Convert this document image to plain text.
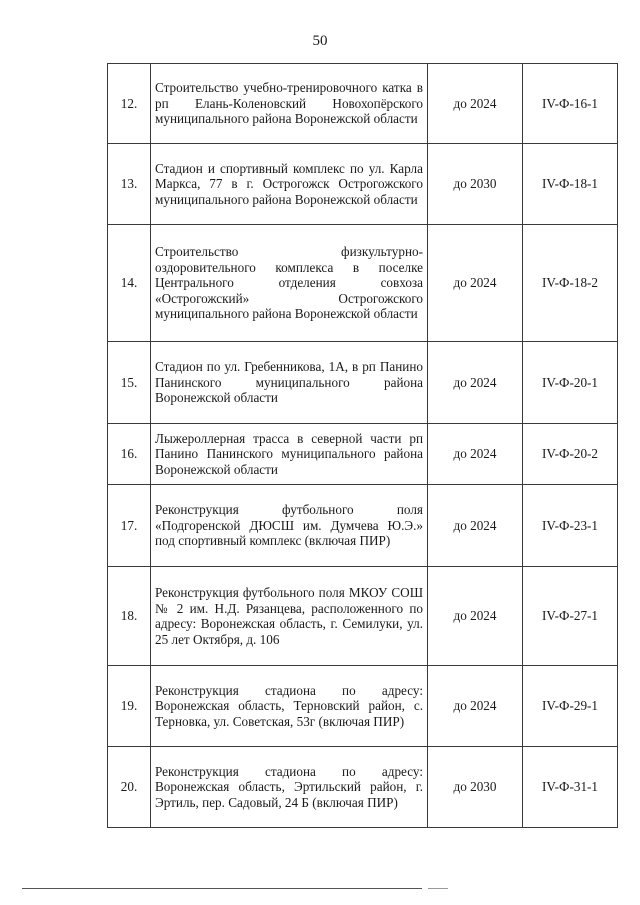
50
12.	Строительство учебно-тренировочного катка в рп Елань-Коленовский Новохопёрского муниципального района Воронежской области	до 2024	IV-Ф-16-1
13.	Стадион и спортивный комплекс по ул. Карла Маркса, 77 в г. Острогожск Острогожского муниципального района Воронежской области	до 2030	IV-Ф-18-1
14.	Строительство физкультурно-оздоровительного комплекса в поселке Центрального отделения совхоза «Острогожский» Острогожского муниципального района Воронежской области	до 2024	IV-Ф-18-2
15.	Стадион по ул. Гребенникова, 1А, в рп Панино Панинского муниципального района Воронежской области	до 2024	IV-Ф-20-1
16.	Лыжероллерная трасса в северной части рп Панино Панинского муниципального района Воронежской области	до 2024	IV-Ф-20-2
17.	Реконструкция футбольного поля «Подгоренской ДЮСШ им. Думчева Ю.Э.» под спортивный комплекс (включая ПИР)	до 2024	IV-Ф-23-1
18.	Реконструкция футбольного поля МКОУ СОШ № 2 им. Н.Д. Рязанцева, расположенного по адресу: Воронежская область, г. Семилуки, ул. 25 лет Октября, д. 106	до 2024	IV-Ф-27-1
19.	Реконструкция стадиона по адресу: Воронежская область, Терновский район, с. Терновка, ул. Советская, 53г (включая ПИР)	до 2024	IV-Ф-29-1
20.	Реконструкция стадиона по адресу: Воронежская область, Эртильский район, г. Эртиль, пер. Садовый, 24 Б (включая ПИР)	до 2030	IV-Ф-31-1
